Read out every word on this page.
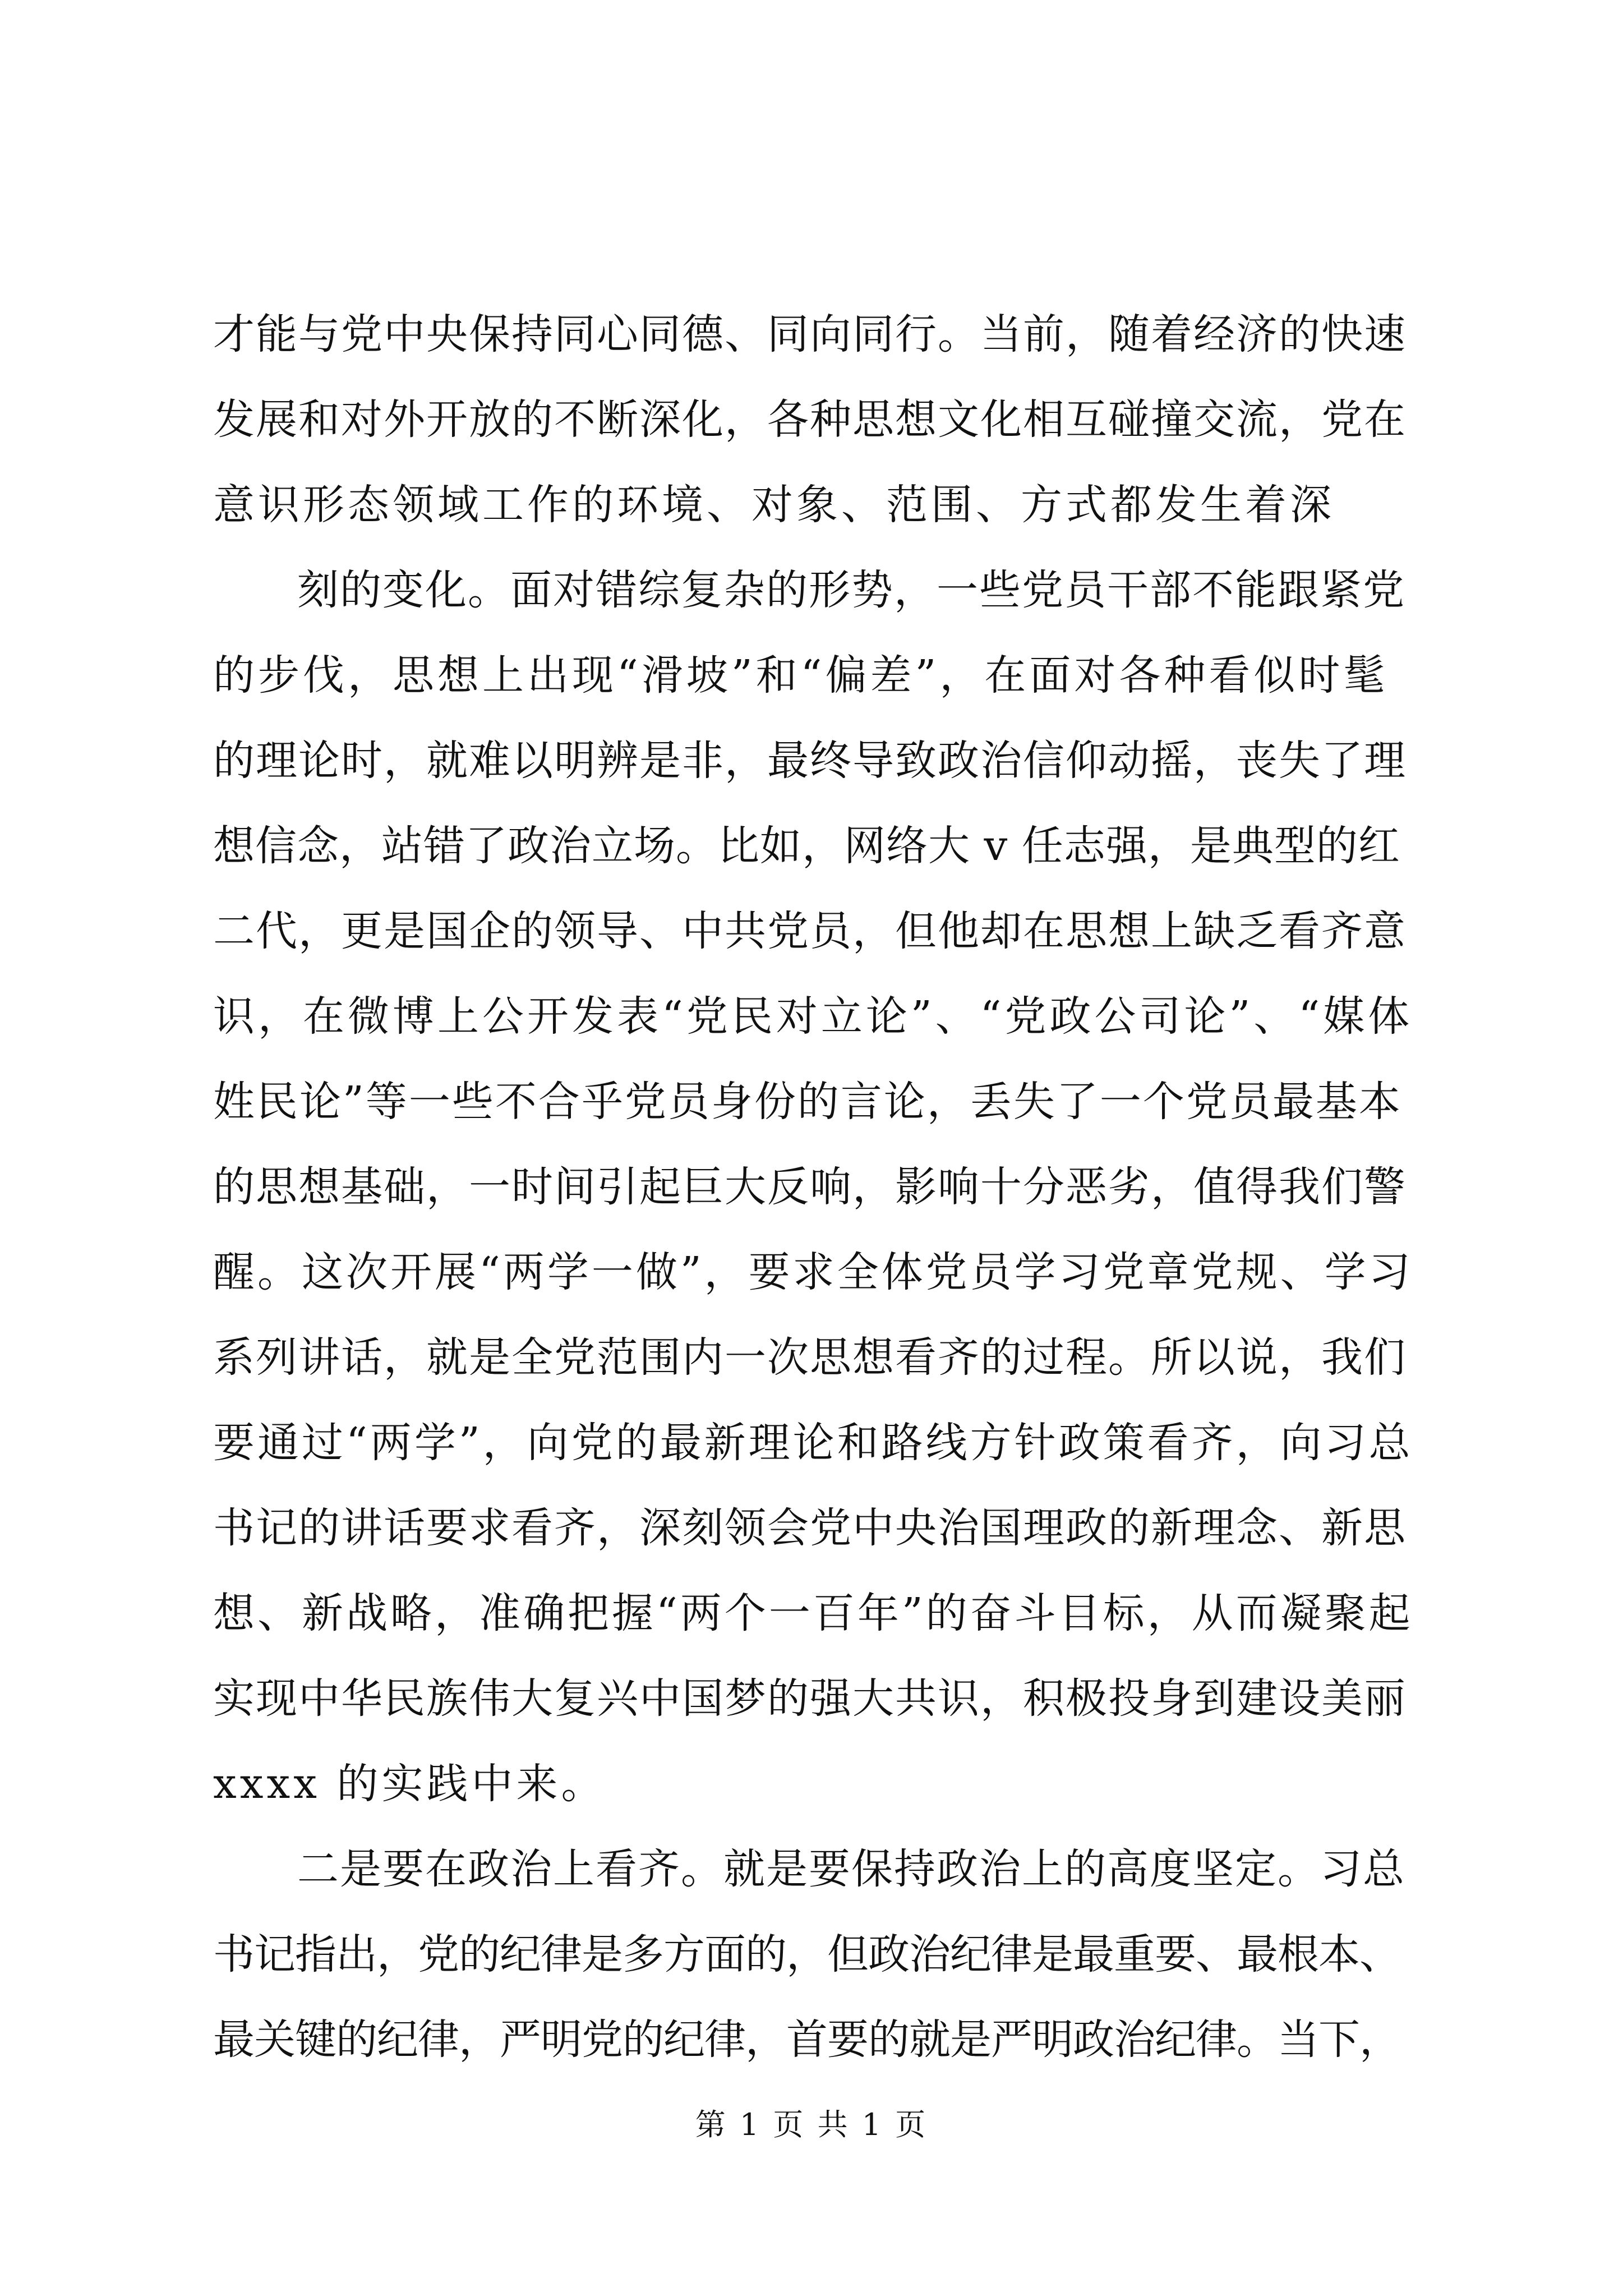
才能与党中央保持同心同德、同向同行。当前，随着经济的快速
发展和对外开放的不断深化，各种思想文化相互碰撞交流，党在
意识形态领域工作的环境、对象、范围、方式都发生着深

刻的变化。面对错综复杂的形势，一些党员干部不能跟紧党
的步伐，思想上出现“滑坡”和“偏差”，在面对各种看似时髦
的理论时，就难以明辨是非，最终导致政治信仰动摇，丧失了理
想信念，站错了政治立场。比如，网络大 v 任志强，是典型的红
二代，更是国企的领导、中共党员，但他却在思想上缺乏看齐意
识，在微博上公开发表“党民对立论”、“党政公司论”、“媒体
姓民论”等一些不合乎党员身份的言论，丢失了一个党员最基本
的思想基础，一时间引起巨大反响，影响十分恶劣，值得我们警
醒。这次开展“两学一做”，要求全体党员学习党章党规、学习
系列讲话，就是全党范围内一次思想看齐的过程。所以说，我们
要通过“两学”，向党的最新理论和路线方针政策看齐，向习总
书记的讲话要求看齐，深刻领会党中央治国理政的新理念、新思
想、新战略，准确把握“两个一百年”的奋斗目标，从而凝聚起
实现中华民族伟大复兴中国梦的强大共识，积极投身到建设美丽
xxxx 的实践中来。

二是要在政治上看齐。就是要保持政治上的高度坚定。习总
书记指出，党的纪律是多方面的，但政治纪律是最重要、最根本、
最关键的纪律，严明党的纪律，首要的就是严明政治纪律。当下，

第 1 页 共 1 页
